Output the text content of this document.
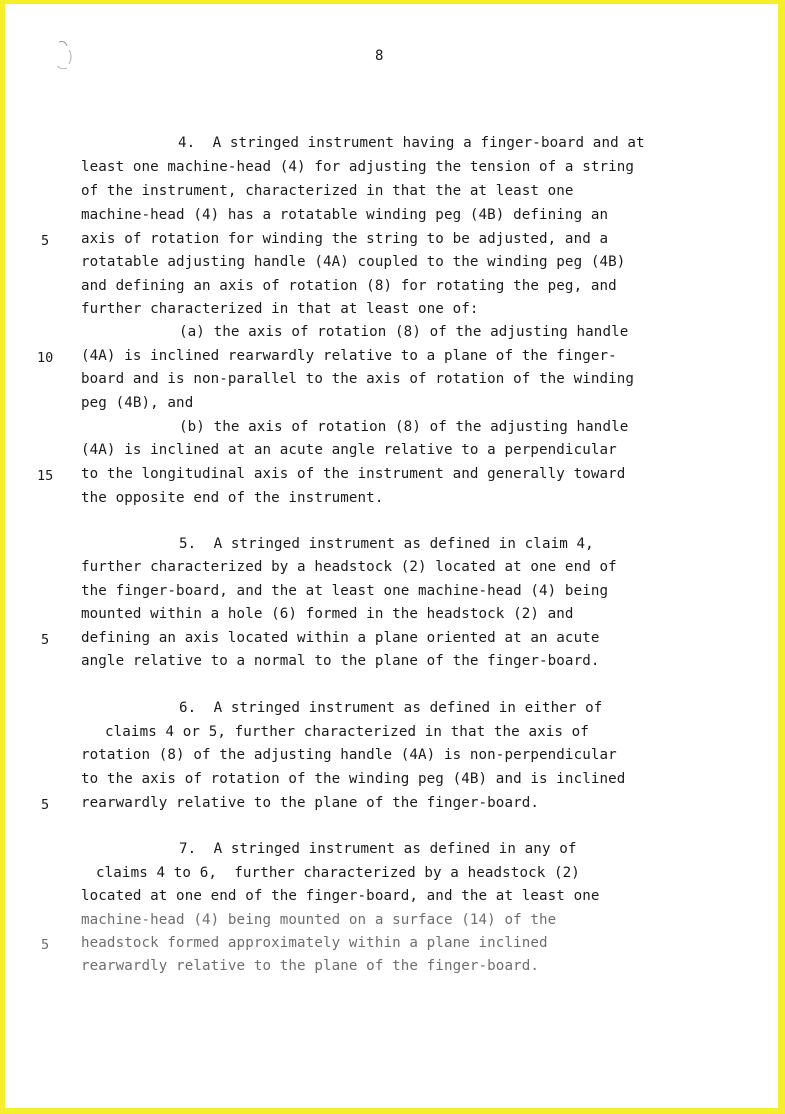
8
4.  A stringed instrument having a finger-board and at
least one machine-head (4) for adjusting the tension of a string
of the instrument, characterized in that the at least one
machine-head (4) has a rotatable winding peg (4B) defining an
axis of rotation for winding the string to be adjusted, and a
rotatable adjusting handle (4A) coupled to the winding peg (4B)
and defining an axis of rotation (8) for rotating the peg, and
further characterized in that at least one of:
(a) the axis of rotation (8) of the adjusting handle
(4A) is inclined rearwardly relative to a plane of the finger-
board and is non-parallel to the axis of rotation of the winding
peg (4B), and
(b) the axis of rotation (8) of the adjusting handle
(4A) is inclined at an acute angle relative to a perpendicular
to the longitudinal axis of the instrument and generally toward
the opposite end of the instrument.
5
10
15
5.  A stringed instrument as defined in claim 4,
further characterized by a headstock (2) located at one end of
the finger-board, and the at least one machine-head (4) being
mounted within a hole (6) formed in the headstock (2) and
defining an axis located within a plane oriented at an acute
angle relative to a normal to the plane of the finger-board.
5
6.  A stringed instrument as defined in either of
claims 4 or 5, further characterized in that the axis of
rotation (8) of the adjusting handle (4A) is non-perpendicular
to the axis of rotation of the winding peg (4B) and is inclined
rearwardly relative to the plane of the finger-board.
5
7.  A stringed instrument as defined in any of
claims 4 to 6,  further characterized by a headstock (2)
located at one end of the finger-board, and the at least one
machine-head (4) being mounted on a surface (14) of the
headstock formed approximately within a plane inclined
rearwardly relative to the plane of the finger-board.
5
